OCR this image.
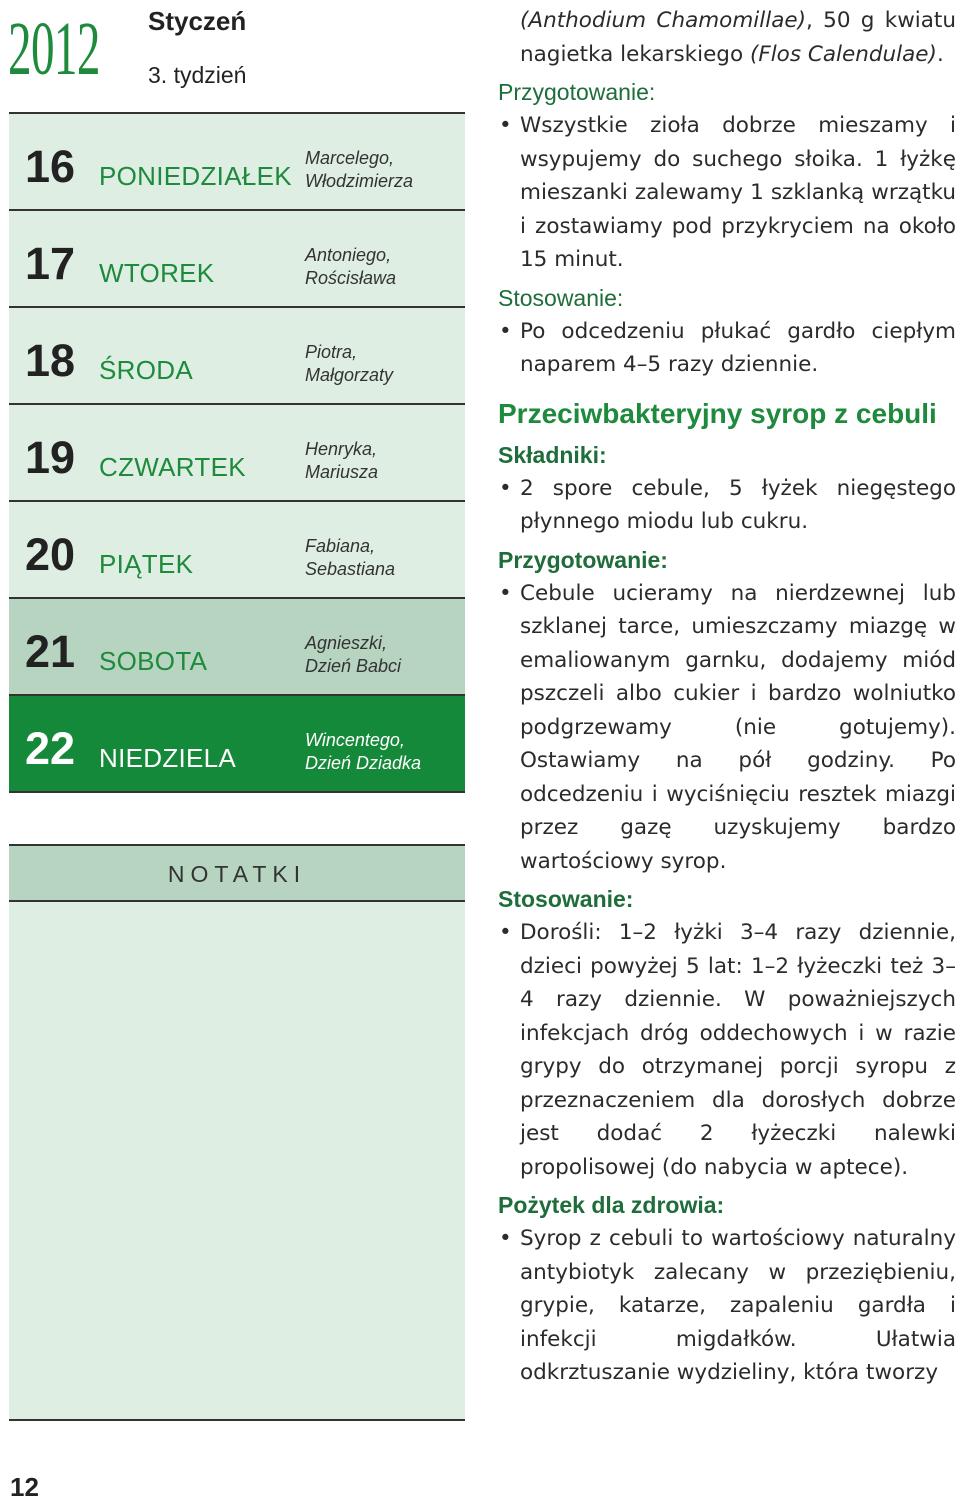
2012 Styczeń
3. tydzień
16 PONIEDZIAŁEK
Marcelego,
Włodzimierza
17 WTOREK
Antoniego,
Rościsława
18 ŚRODA
Piotra,
Małgorzaty
19 CZWARTEK
Henryka,
Mariusza
20 PIĄTEK
Fabiana,
Sebastiana
21 SOBOTA
Agnieszki,
Dzień Babci
22 NIEDZIELA
Wincentego,
Dzień Dziadka
NOTATKI
12
(Anthodium Chamomillae), 50 g kwiatu nagietka lekarskiego (Flos Calendulae).
Przygotowanie:
• Wszystkie zioła dobrze mieszamy i wsypujemy do suchego słoika. 1 łyżkę mieszanki zalewamy 1 szklanką wrzątku i zostawiamy pod przykryciem na około 15 minut.
Stosowanie:
• Po odcedzeniu płukać gardło ciepłym naparem 4–5 razy dziennie.
Przeciwbakteryjny syrop z cebuli
Składniki:
• 2 spore cebule, 5 łyżek niegęstego płynnego miodu lub cukru.
Przygotowanie:
• Cebule ucieramy na nierdzewnej lub szklanej tarce, umieszczamy miazgę w emaliowanym garnku, dodajemy miód pszczeli albo cukier i bardzo wolniutko podgrzewamy (nie gotujemy). Ostawiamy na pół godziny. Po odcedzeniu i wyciśnięciu resztek miazgi przez gazę uzyskujemy bardzo wartościowy syrop.
Stosowanie:
• Dorośli: 1–2 łyżki 3–4 razy dziennie, dzieci powyżej 5 lat: 1–2 łyżeczki też 3–4 razy dziennie. W poważniejszych infekcjach dróg oddechowych i w razie grypy do otrzymanej porcji syropu z przeznaczeniem dla dorosłych dobrze jest dodać 2 łyżeczki nalewki propolisowej (do nabycia w aptece).
Pożytek dla zdrowia:
• Syrop z cebuli to wartościowy naturalny antybiotyk zalecany w przeziębieniu, grypie, katarze, zapaleniu gardła i infekcji migdałków. Ułatwia odkrztuszanie wydzieliny, która tworzy
